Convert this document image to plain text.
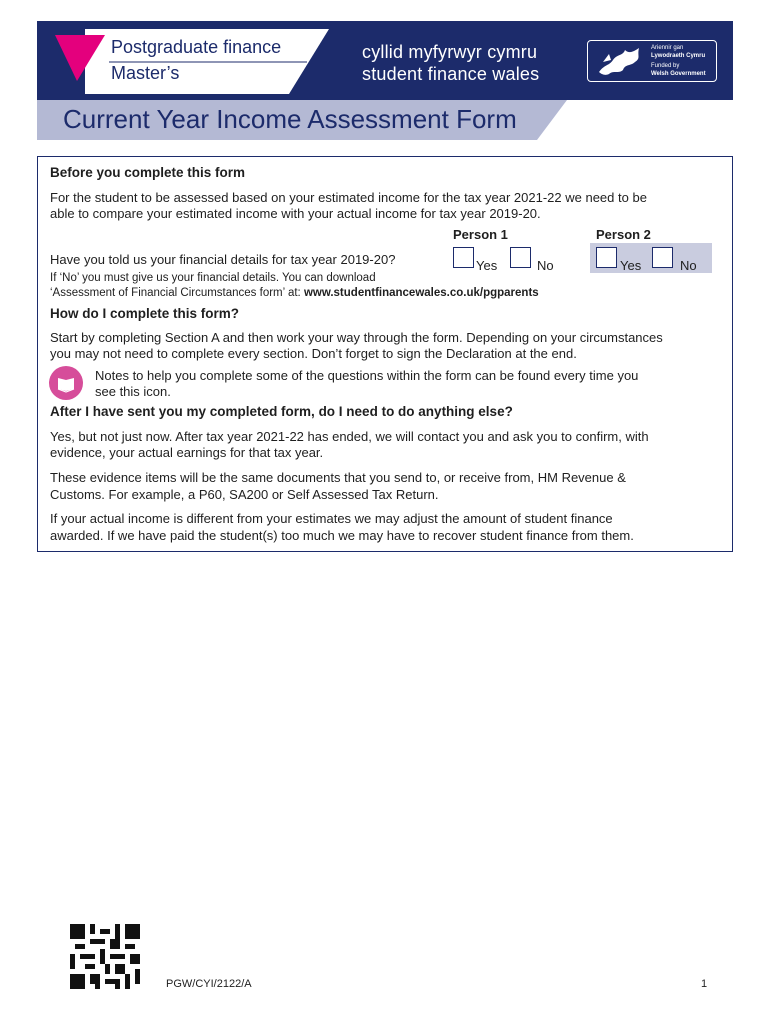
Postgraduate finance
Master’s
cyllid myfyrwyr cymru
student finance wales
Ariennir gan
Lywodraeth Cymru
Funded by
Welsh Government
Current Year Income Assessment Form
Before you complete this form
For the student to be assessed based on your estimated income for the tax year 2021-22 we need to be
able to compare your estimated income with your actual income for tax year 2019-20.
Person 1	Person 2
Have you told us your financial details for tax year 2019-20?	Yes	No	Yes	No
If ‘No’ you must give us your financial details. You can download
‘Assessment of Financial Circumstances form’ at: www.studentfinancewales.co.uk/pgparents
How do I complete this form?
Start by completing Section A and then work your way through the form. Depending on your circumstances
you may not need to complete every section. Don’t forget to sign the Declaration at the end.
Notes to help you complete some of the questions within the form can be found every time you
see this icon.
After I have sent you my completed form, do I need to do anything else?
Yes, but not just now. After tax year 2021-22 has ended, we will contact you and ask you to confirm, with
evidence, your actual earnings for that tax year.
These evidence items will be the same documents that you send to, or receive from, HM Revenue &
Customs. For example, a P60, SA200 or Self Assessed Tax Return.
If your actual income is different from your estimates we may adjust the amount of student finance
awarded. If we have paid the student(s) too much we may have to recover student finance from them.
PGW/CYI/2122/A	1
